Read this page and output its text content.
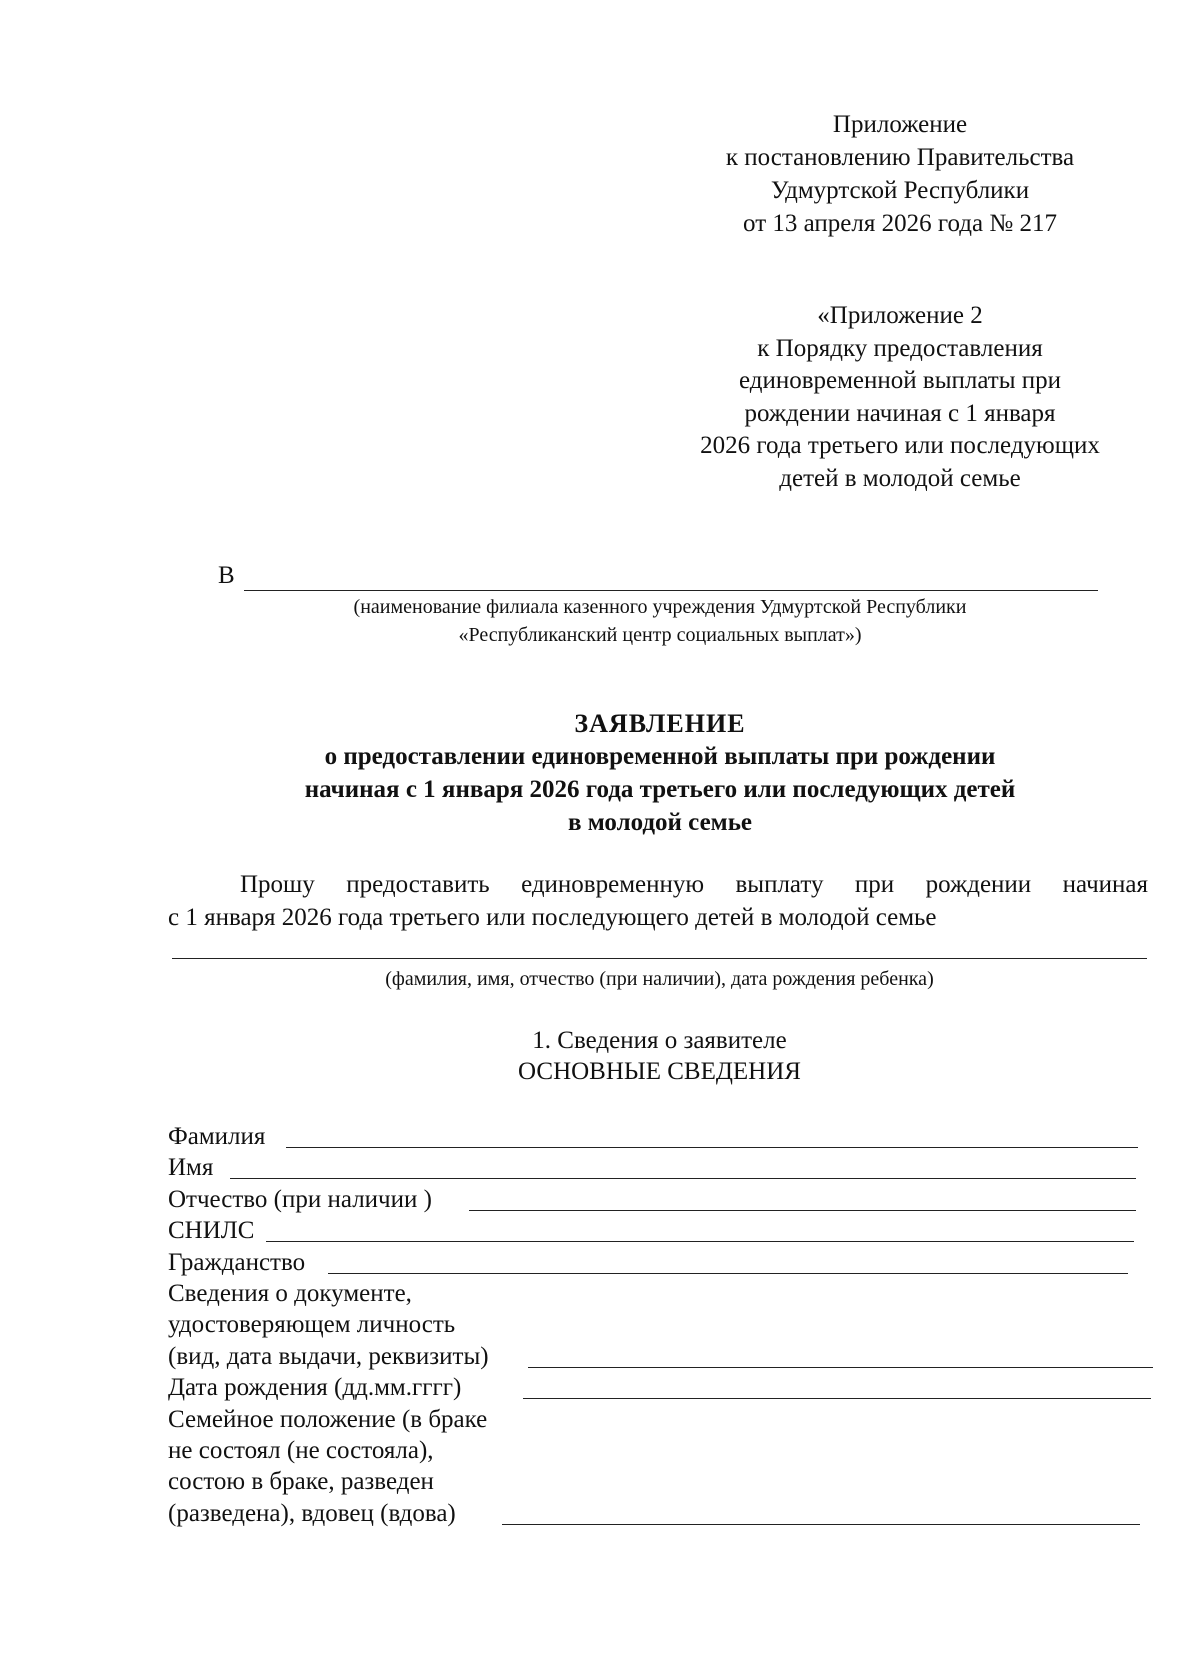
Приложение
к постановлению Правительства
Удмуртской Республики
от 13 апреля 2026 года № 217
«Приложение 2
к Порядку предоставления
единовременной выплаты при
рождении начиная с 1 января
2026 года третьего или последующих
детей в молодой семье
В
(наименование филиала казенного учреждения Удмуртской Республики
«Республиканский центр социальных выплат»)
ЗАЯВЛЕНИЕ
о предоставлении единовременной выплаты при рождении
начиная с 1 января 2026 года третьего или последующих детей
в молодой семье
Прошу предоставить единовременную выплату при рождении начиная
с 1 января 2026 года третьего или последующего детей в молодой семье
(фамилия, имя, отчество (при наличии), дата рождения ребенка)
1. Сведения о заявителе
ОСНОВНЫЕ СВЕДЕНИЯ
Фамилия
Имя
Отчество (при наличии )
СНИЛС
Гражданство
Сведения о документе,
удостоверяющем личность
(вид, дата выдачи, реквизиты)
Дата рождения (дд.мм.гггг)
Семейное положение (в браке
не состоял (не состояла),
состою в браке, разведен
(разведена), вдовец (вдова)
